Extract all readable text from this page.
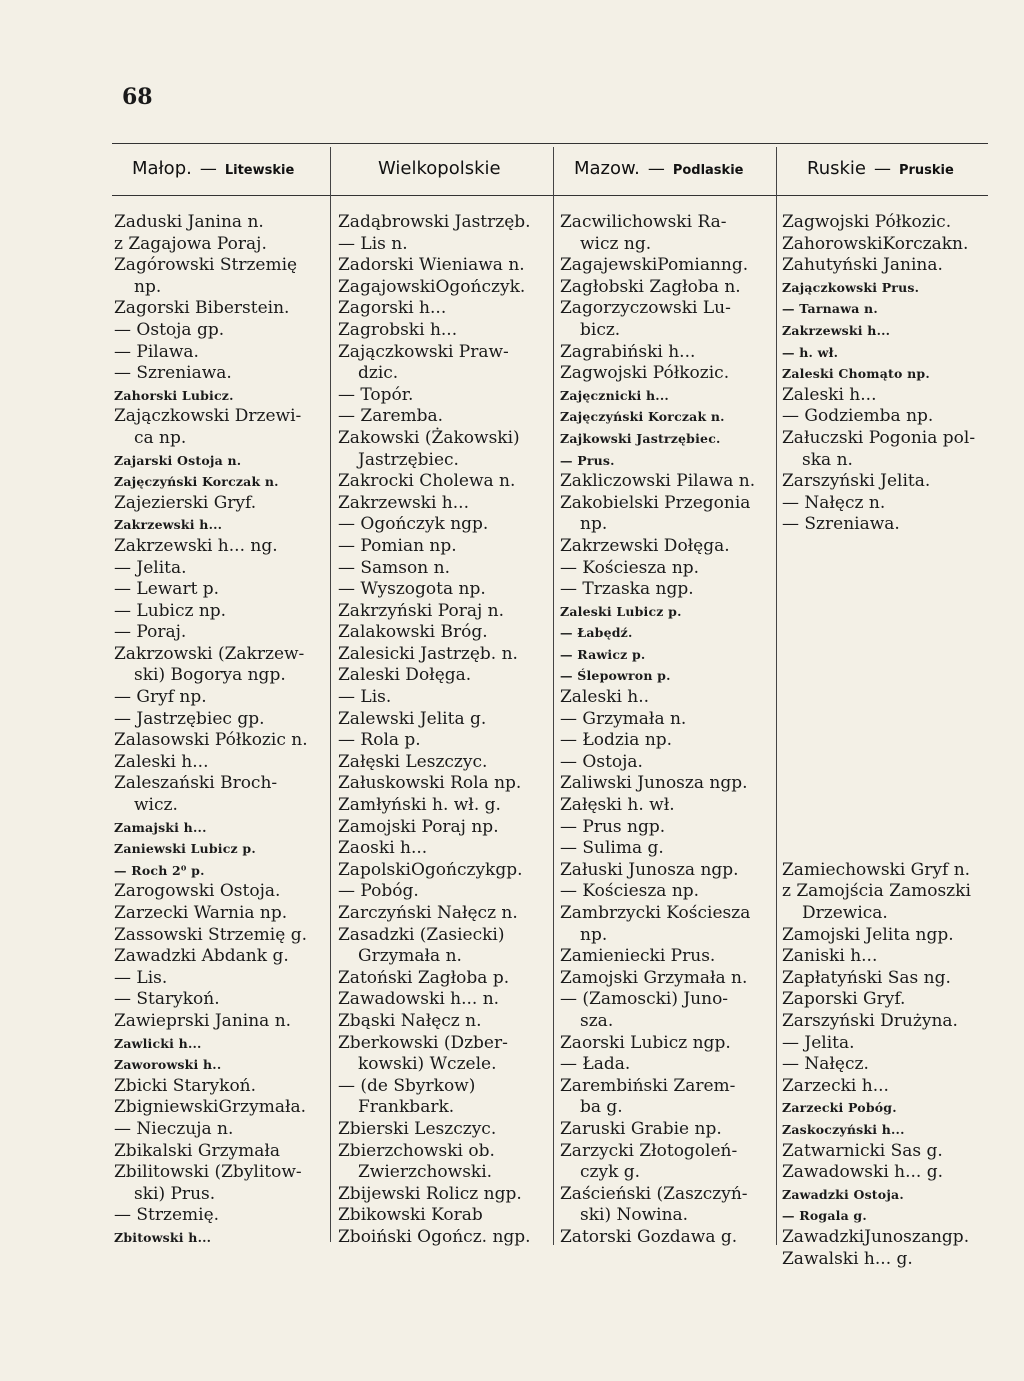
68
Małop. — Litewskie	Wielkopolskie	Mazow. — Podlaskie	Ruskie — Pruskie
Zaduski Janina n.
z Zagajowa Poraj.
Zagórowski Strzemię
np.
Zagorski Biberstein.
— Ostoja gp.
— Pilawa.
— Szreniawa.
Zahorski Lubicz.
Zajączkowski Drzewi-
ca np.
Zajarski Ostoja n.
Zajęczyński Korczak n.
Zajezierski Gryf.
Zakrzewski h...
Zakrzewski h... ng.
— Jelita.
— Lewart p.
— Lubicz np.
— Poraj.
Zakrzowski (Zakrzew-
ski) Bogorya ngp.
— Gryf np.
— Jastrzębiec gp.
Zalasowski Półkozic n.
Zaleski h...
Zaleszański Broch-
wicz.
Zamajski h...
Zaniewski Lubicz p.
— Roch 2⁰ p.
Zarogowski Ostoja.
Zarzecki Warnia np.
Zassowski Strzemię g.
Zawadzki Abdank g.
— Lis.
— Starykoń.
Zawieprski Janina n.
Zawlicki h...
Zaworowski h..
Zbicki Starykoń.
ZbigniewskiGrzymała.
— Nieczuja n.
Zbikalski Grzymała
Zbilitowski (Zbylitow-
ski) Prus.
— Strzemię.
Zbitowski h...
Zadąbrowski Jastrzęb.
— Lis n.
Zadorski Wieniawa n.
ZagajowskiOgończyk.
Zagorski h...
Zagrobski h...
Zajączkowski Praw-
dzic.
— Topór.
— Zaremba.
Zakowski (Żakowski)
Jastrzębiec.
Zakrocki Cholewa n.
Zakrzewski h...
— Ogończyk ngp.
— Pomian np.
— Samson n.
— Wyszogota np.
Zakrzyński Poraj n.
Zalakowski Bróg.
Zalesicki Jastrzęb. n.
Zaleski Dołęga.
— Lis.
Zalewski Jelita g.
— Rola p.
Załęski Leszczyc.
Załuskowski Rola np.
Zamłyński h. wł. g.
Zamojski Poraj np.
Zaoski h...
ZapolskiOgończykgp.
— Pobóg.
Zarczyński Nałęcz n.
Zasadzki (Zasiecki)
Grzymała n.
Zatoński Zagłoba p.
Zawadowski h... n.
Zbąski Nałęcz n.
Zberkowski (Dzber-
kowski) Wczele.
— (de Sbyrkow)
Frankbark.
Zbierski Leszczyc.
Zbierzchowski ob.
Zwierzchowski.
Zbijewski Rolicz ngp.
Zbikowski Korab
Zboiński Ogończ. ngp.
Zacwilichowski Ra-
wicz ng.
ZagajewskiPomianng.
Zagłobski Zagłoba n.
Zagorzyczowski Lu-
bicz.
Zagrabiński h...
Zagwojski Półkozic.
Zajęcznicki h...
Zajęczyński Korczak n.
Zajkowski Jastrzębiec.
— Prus.
Zakliczowski Pilawa n.
Zakobielski Przegonia
np.
Zakrzewski Dołęga.
— Kościesza np.
— Trzaska ngp.
Zaleski Lubicz p.
— Łabędź.
— Rawicz p.
— Ślepowron p.
Zaleski h..
— Grzymała n.
— Łodzia np.
— Ostoja.
Zaliwski Junosza ngp.
Załęski h. wł.
— Prus ngp.
— Sulima g.
Załuski Junosza ngp.
— Kościesza np.
Zambrzycki Kościesza
np.
Zamieniecki Prus.
Zamojski Grzymała n.
— (Zamoscki) Juno-
sza.
Zaorski Lubicz ngp.
— Łada.
Zarembiński Zarem-
ba g.
Zaruski Grabie np.
Zarzycki Złotogoleń-
czyk g.
Zaścieński (Zaszczyń-
ski) Nowina.
Zatorski Gozdawa g.
Zagwojski Półkozic.
ZahorowskiKorczakn.
Zahutyński Janina.
Zajączkowski Prus.
— Tarnawa n.
Zakrzewski h...
— h. wł.
Zaleski Chomąto np.
Zaleski h...
— Godziemba np.
Załuczski Pogonia pol-
ska n.
Zarszyński Jelita.
— Nałęcz n.
— Szreniawa.
Zamiechowski Gryf n.
z Zamojścia Zamoszki
Drzewica.
Zamojski Jelita ngp.
Zaniski h...
Zapłatyński Sas ng.
Zaporski Gryf.
Zarszyński Drużyna.
— Jelita.
— Nałęcz.
Zarzecki h...
Zarzecki Pobóg.
Zaskoczyński h...
Zatwarnicki Sas g.
Zawadowski h... g.
Zawadzki Ostoja.
— Rogala g.
ZawadzkiJunoszangp.
Zawalski h... g.
